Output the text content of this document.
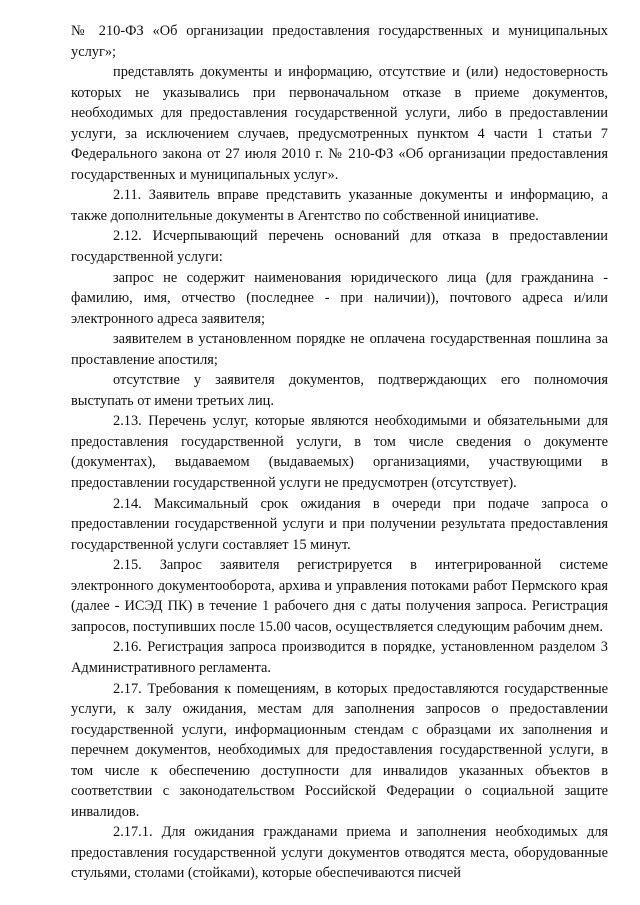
№ 210-ФЗ «Об организации предоставления государственных и муниципальных услуг»;

представлять документы и информацию, отсутствие и (или) недостоверность которых не указывались при первоначальном отказе в приеме документов, необходимых для предоставления государственной услуги, либо в предоставлении услуги, за исключением случаев, предусмотренных пунктом 4 части 1 статьи 7 Федерального закона от 27 июля 2010 г. № 210-ФЗ «Об организации предоставления государственных и муниципальных услуг».

2.11. Заявитель вправе представить указанные документы и информацию, а также дополнительные документы в Агентство по собственной инициативе.

2.12. Исчерпывающий перечень оснований для отказа в предоставлении государственной услуги:

запрос не содержит наименования юридического лица (для гражданина - фамилию, имя, отчество (последнее - при наличии)), почтового адреса и/или электронного адреса заявителя;

заявителем в установленном порядке не оплачена государственная пошлина за проставление апостиля;

отсутствие у заявителя документов, подтверждающих его полномочия выступать от имени третьих лиц.

2.13. Перечень услуг, которые являются необходимыми и обязательными для предоставления государственной услуги, в том числе сведения о документе (документах), выдаваемом (выдаваемых) организациями, участвующими в предоставлении государственной услуги не предусмотрен (отсутствует).

2.14. Максимальный срок ожидания в очереди при подаче запроса о предоставлении государственной услуги и при получении результата предоставления государственной услуги составляет 15 минут.

2.15. Запрос заявителя регистрируется в интегрированной системе электронного документооборота, архива и управления потоками работ Пермского края (далее - ИСЭД ПК) в течение 1 рабочего дня с даты получения запроса. Регистрация запросов, поступивших после 15.00 часов, осуществляется следующим рабочим днем.

2.16. Регистрация запроса производится в порядке, установленном разделом 3 Административного регламента.

2.17. Требования к помещениям, в которых предоставляются государственные услуги, к залу ожидания, местам для заполнения запросов о предоставлении государственной услуги, информационным стендам с образцами их заполнения и перечнем документов, необходимых для предоставления государственной услуги, в том числе к обеспечению доступности для инвалидов указанных объектов в соответствии с законодательством Российской Федерации о социальной защите инвалидов.

2.17.1. Для ожидания гражданами приема и заполнения необходимых для предоставления государственной услуги документов отводятся места, оборудованные стульями, столами (стойками), которые обеспечиваются писчей
